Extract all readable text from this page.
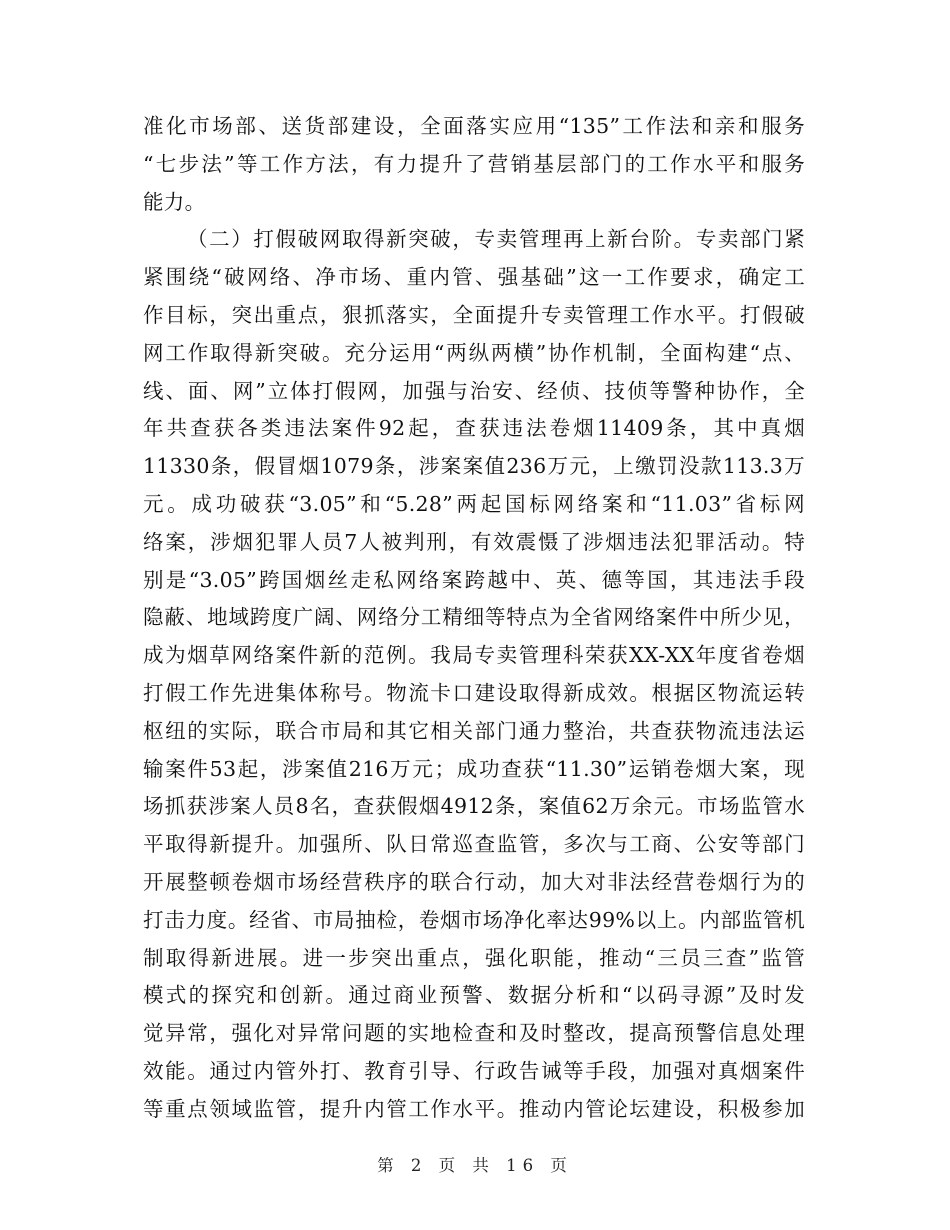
准化市场部、送货部建设，全面落实应用“135”工作法和亲和服务
“七步法”等工作方法，有力提升了营销基层部门的工作水平和服务
能力。
（二）打假破网取得新突破，专卖管理再上新台阶。专卖部门紧
紧围绕“破网络、净市场、重内管、强基础”这一工作要求，确定工
作目标，突出重点，狠抓落实，全面提升专卖管理工作水平。打假破
网工作取得新突破。充分运用“两纵两横”协作机制，全面构建“点、
线、面、网”立体打假网，加强与治安、经侦、技侦等警种协作，全
年共查获各类违法案件92起，查获违法卷烟11409条，其中真烟
11330条，假冒烟1079条，涉案案值236万元，上缴罚没款113.3万
元。成功破获“3.05”和“5.28”两起国标网络案和“11.03”省标网
络案，涉烟犯罪人员7人被判刑，有效震慑了涉烟违法犯罪活动。特
别是“3.05”跨国烟丝走私网络案跨越中、英、德等国，其违法手段
隐蔽、地域跨度广阔、网络分工精细等特点为全省网络案件中所少见，
成为烟草网络案件新的范例。我局专卖管理科荣获XX-XX年度省卷烟
打假工作先进集体称号。物流卡口建设取得新成效。根据区物流运转
枢纽的实际，联合市局和其它相关部门通力整治，共查获物流违法运
输案件53起，涉案值216万元；成功查获“11.30”运销卷烟大案，现
场抓获涉案人员8名，查获假烟4912条，案值62万余元。市场监管水
平取得新提升。加强所、队日常巡查监管，多次与工商、公安等部门
开展整顿卷烟市场经营秩序的联合行动，加大对非法经营卷烟行为的
打击力度。经省、市局抽检，卷烟市场净化率达99%以上。内部监管机
制取得新进展。进一步突出重点，强化职能，推动“三员三查”监管
模式的探究和创新。通过商业预警、数据分析和“以码寻源”及时发
觉异常，强化对异常问题的实地检查和及时整改，提高预警信息处理
效能。通过内管外打、教育引导、行政告诫等手段，加强对真烟案件
等重点领域监管，提升内管工作水平。推动内管论坛建设，积极参加
第 2 页 共 16 页
